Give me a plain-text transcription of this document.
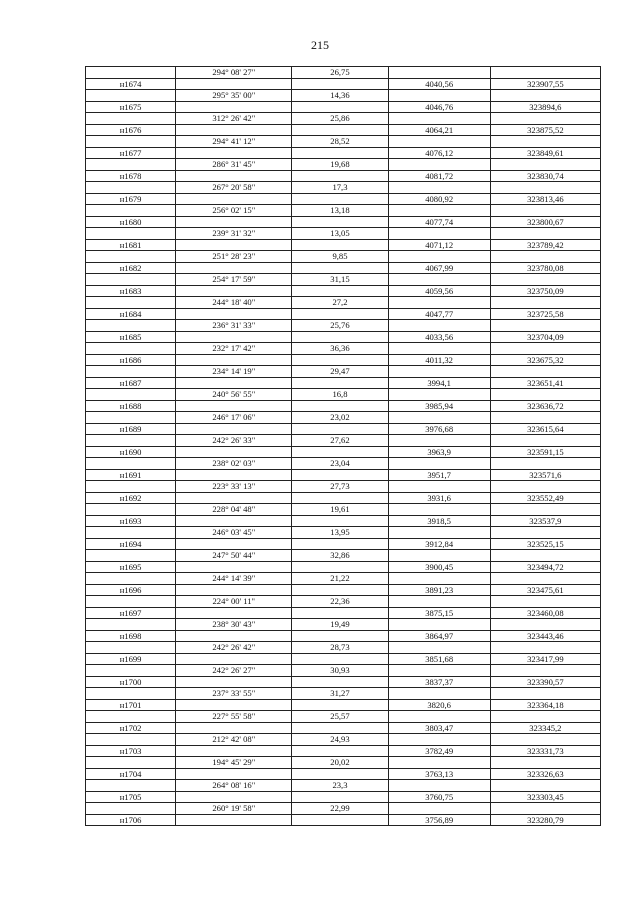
215
	294° 08' 27"	26,75		
н1674			4040,56	323907,55
	295° 35' 00"	14,36		
н1675			4046,76	323894,6
	312° 26' 42"	25,86		
н1676			4064,21	323875,52
	294° 41' 12"	28,52		
н1677			4076,12	323849,61
	286° 31' 45"	19,68		
н1678			4081,72	323830,74
	267° 20' 58"	17,3		
н1679			4080,92	323813,46
	256° 02' 15"	13,18		
н1680			4077,74	323800,67
	239° 31' 32"	13,05		
н1681			4071,12	323789,42
	251° 28' 23"	9,85		
н1682			4067,99	323780,08
	254° 17' 59"	31,15		
н1683			4059,56	323750,09
	244° 18' 40"	27,2		
н1684			4047,77	323725,58
	236° 31' 33"	25,76		
н1685			4033,56	323704,09
	232° 17' 42"	36,36		
н1686			4011,32	323675,32
	234° 14' 19"	29,47		
н1687			3994,1	323651,41
	240° 56' 55"	16,8		
н1688			3985,94	323636,72
	246° 17' 06"	23,02		
н1689			3976,68	323615,64
	242° 26' 33"	27,62		
н1690			3963,9	323591,15
	238° 02' 03"	23,04		
н1691			3951,7	323571,6
	223° 33' 13"	27,73		
н1692			3931,6	323552,49
	228° 04' 48"	19,61		
н1693			3918,5	323537,9
	246° 03' 45"	13,95		
н1694			3912,84	323525,15
	247° 50' 44"	32,86		
н1695			3900,45	323494,72
	244° 14' 39"	21,22		
н1696			3891,23	323475,61
	224° 00' 11"	22,36		
н1697			3875,15	323460,08
	238° 30' 43"	19,49		
н1698			3864,97	323443,46
	242° 26' 42"	28,73		
н1699			3851,68	323417,99
	242° 26' 27"	30,93		
н1700			3837,37	323390,57
	237° 33' 55"	31,27		
н1701			3820,6	323364,18
	227° 55' 58"	25,57		
н1702			3803,47	323345,2
	212° 42' 08"	24,93		
н1703			3782,49	323331,73
	194° 45' 29"	20,02		
н1704			3763,13	323326,63
	264° 08' 16"	23,3		
н1705			3760,75	323303,45
	260° 19' 58"	22,99		
н1706			3756,89	323280,79
